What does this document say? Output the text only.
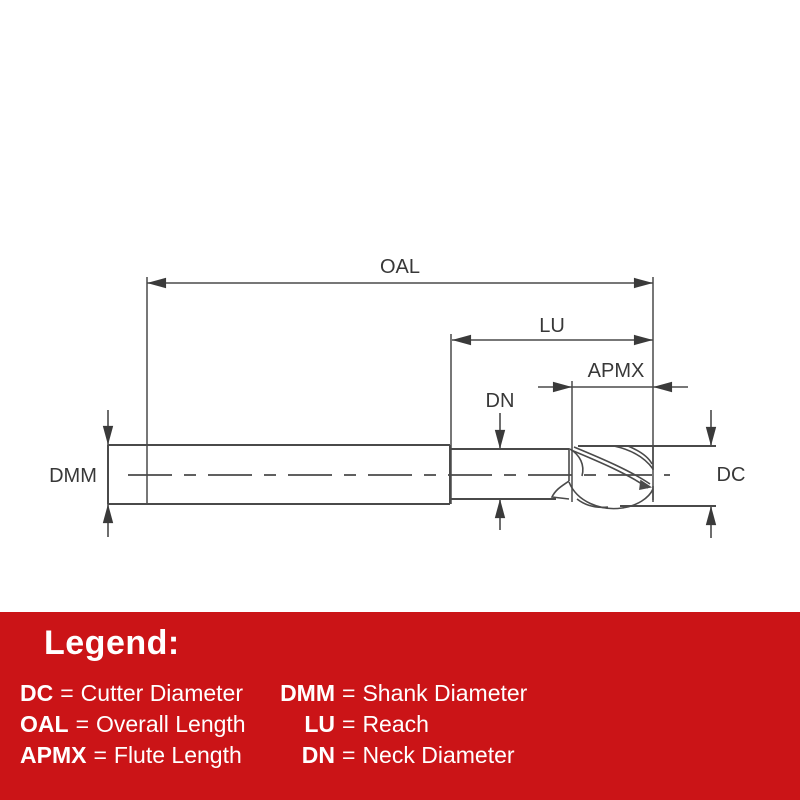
OAL
LU
APMX
DN
DMM	DC
Legend:
DC = Cutter Diameter	DMM = Shank Diameter
OAL = Overall Length	LU = Reach
APMX = Flute Length	DN = Neck Diameter
